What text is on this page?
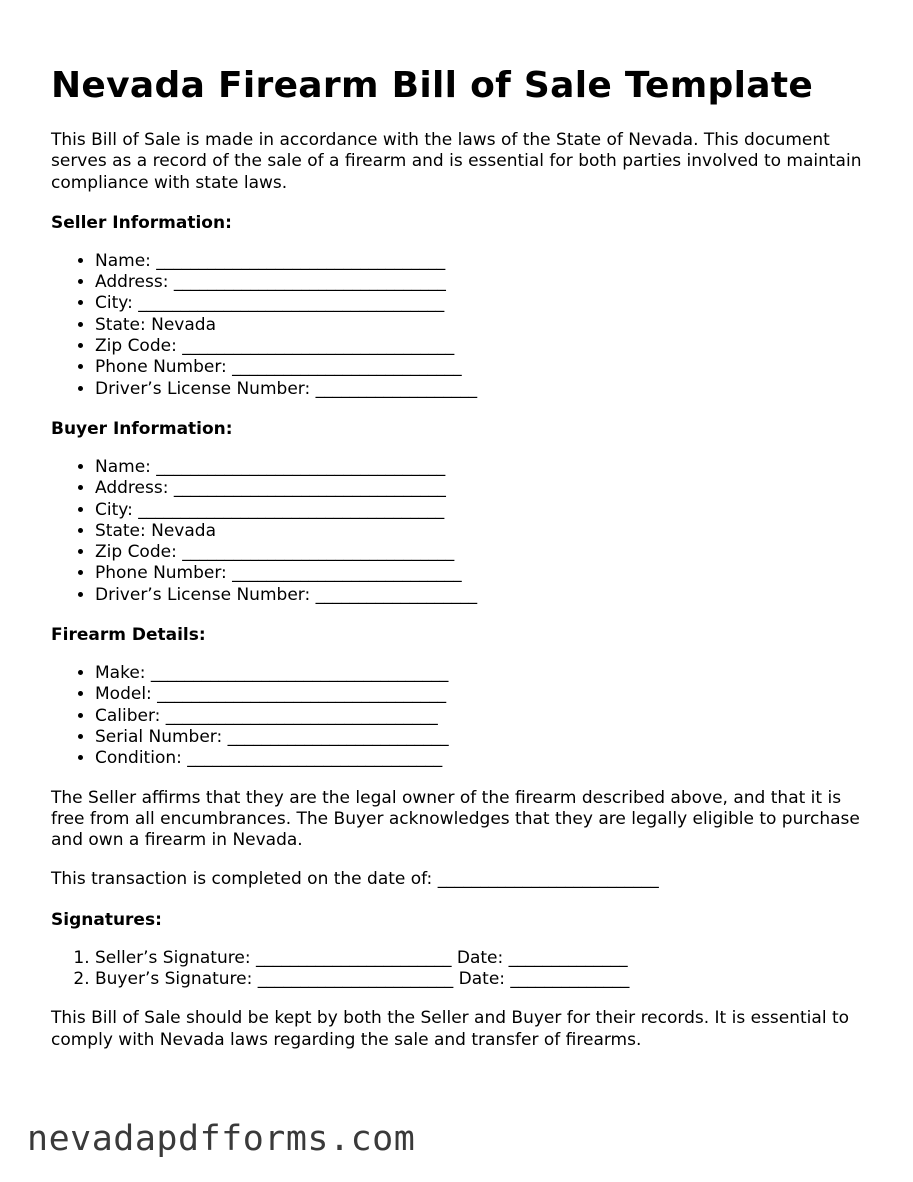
Nevada Firearm Bill of Sale Template

This Bill of Sale is made in accordance with the laws of the State of Nevada. This document serves as a record of the sale of a firearm and is essential for both parties involved to maintain compliance with state laws.

Seller Information:
• Name: __________________________________
• Address: ________________________________
• City: ____________________________________
• State: Nevada
• Zip Code: ________________________________
• Phone Number: ___________________________
• Driver’s License Number: ___________________
Buyer Information:
• Name: __________________________________
• Address: ________________________________
• City: ____________________________________
• State: Nevada
• Zip Code: ________________________________
• Phone Number: ___________________________
• Driver’s License Number: ___________________
Firearm Details:
• Make: ___________________________________
• Model: __________________________________
• Caliber: ________________________________
• Serial Number: __________________________
• Condition: ______________________________

The Seller affirms that they are the legal owner of the firearm described above, and that it is free from all encumbrances. The Buyer acknowledges that they are legally eligible to purchase and own a firearm in Nevada.

This transaction is completed on the date of: __________________________

Signatures:
1. Seller’s Signature: _______________________ Date: ______________
2. Buyer’s Signature: _______________________ Date: ______________

This Bill of Sale should be kept by both the Seller and Buyer for their records. It is essential to comply with Nevada laws regarding the sale and transfer of firearms.

nevadapdfforms.com
